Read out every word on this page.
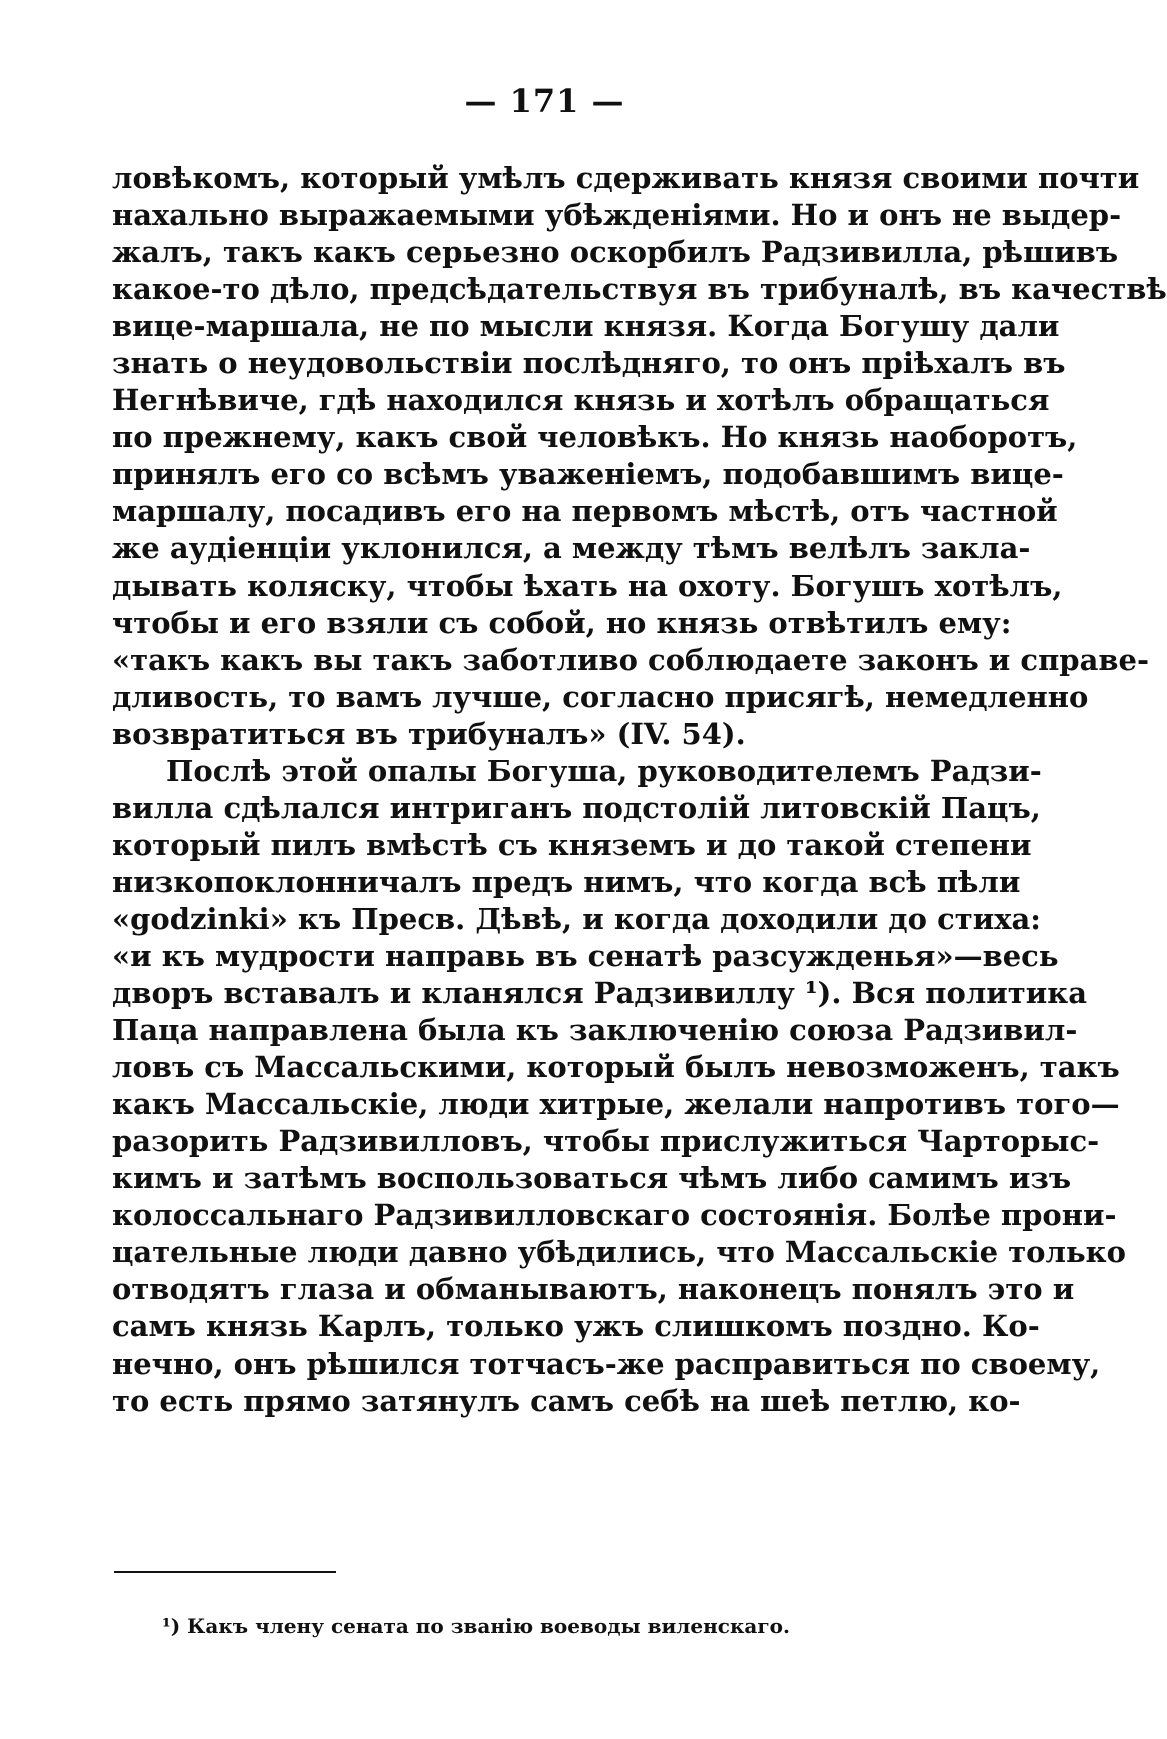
— 171 —
ловѣкомъ, который умѣлъ сдерживать князя своими почти
нахально выражаемыми убѣжденіями. Но и онъ не выдер-
жалъ, такъ какъ серьезно оскорбилъ Радзивилла, рѣшивъ
какое-то дѣло, предсѣдательствуя въ трибуналѣ, въ качествѣ
вице-маршала, не по мысли князя. Когда Богушу дали
знать о неудовольствіи послѣдняго, то онъ пріѣхалъ въ
Негнѣвиче, гдѣ находился князь и хотѣлъ обращаться
по прежнему, какъ свой человѣкъ. Но князь наоборотъ,
принялъ его со всѣмъ уваженіемъ, подобавшимъ вице-
маршалу, посадивъ его на первомъ мѣстѣ, отъ частной
же аудіенціи уклонился, а между тѣмъ велѣлъ закла-
дывать коляску, чтобы ѣхать на охоту. Богушъ хотѣлъ,
чтобы и его взяли съ собой, но князь отвѣтилъ ему:
«такъ какъ вы такъ заботливо соблюдаете законъ и справе-
дливость, то вамъ лучше, согласно присягѣ, немедленно
возвратиться въ трибуналъ» (IV. 54).
Послѣ этой опалы Богуша, руководителемъ Радзи-
вилла сдѣлался интриганъ подстолій литовскій Пацъ,
который пилъ вмѣстѣ съ княземъ и до такой степени
низкопоклонничалъ предъ нимъ, что когда всѣ пѣли
«godzinki» къ Пресв. Дѣвѣ, и когда доходили до стиха:
«и къ мудрости направь въ сенатѣ разсужденья»—весь
дворъ вставалъ и кланялся Радзивиллу ¹). Вся политика
Паца направлена была къ заключенію союза Радзивил-
ловъ съ Массальскими, который былъ невозможенъ, такъ
какъ Массальскіе, люди хитрые, желали напротивъ того—
разорить Радзивилловъ, чтобы прислужиться Чарторыс-
кимъ и затѣмъ воспользоваться чѣмъ либо самимъ изъ
колоссальнаго Радзивилловскаго состоянія. Болѣе прони-
цательные люди давно убѣдились, что Массальскіе только
отводятъ глаза и обманываютъ, наконецъ понялъ это и
самъ князь Карлъ, только ужъ слишкомъ поздно. Ко-
нечно, онъ рѣшился тотчасъ-же расправиться по своему,
то есть прямо затянулъ самъ себѣ на шеѣ петлю, ко-
¹) Какъ члену сената по званію воеводы виленскаго.
